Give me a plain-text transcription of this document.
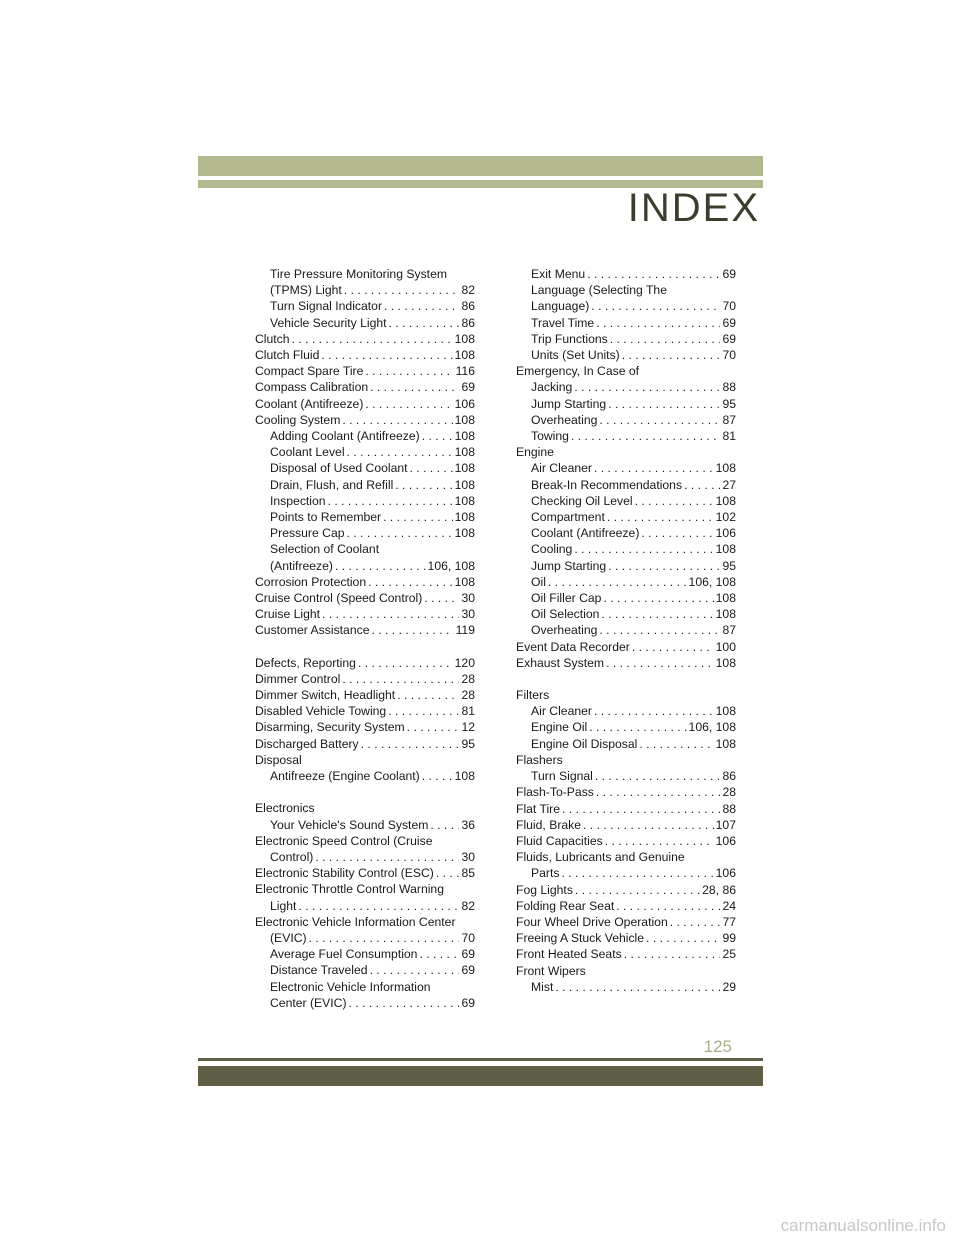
INDEX
Tire Pressure Monitoring System
(TPMS) Light . . .	82
Turn Signal Indicator . . .	86
Vehicle Security Light . . .	86
Clutch . . .	108
Clutch Fluid . . .	108
Compact Spare Tire . . .	116
Compass Calibration . . .	69
Coolant (Antifreeze) . . .	106
Cooling System . . .	108
Adding Coolant (Antifreeze) . . .	108
Coolant Level . . .	108
Disposal of Used Coolant . . .	108
Drain, Flush, and Refill . . .	108
Inspection . . .	108
Points to Remember . . .	108
Pressure Cap . . .	108
Selection of Coolant
(Antifreeze) . . .	106, 108
Corrosion Protection . . .	108
Cruise Control (Speed Control) . . .	30
Cruise Light . . .	30
Customer Assistance . . .	119
Defects, Reporting . . .	120
Dimmer Control . . .	28
Dimmer Switch, Headlight . . .	28
Disabled Vehicle Towing . . .	81
Disarming, Security System . . .	12
Discharged Battery . . .	95
Disposal
Antifreeze (Engine Coolant) . . .	108
Electronics
Your Vehicle's Sound System . . .	36
Electronic Speed Control (Cruise
Control) . . .	30
Electronic Stability Control (ESC) . . . 85
Electronic Throttle Control Warning
Light . . .	82
Electronic Vehicle Information Center
(EVIC) . . .	70
Average Fuel Consumption . . .	69
Distance Traveled . . .	69
Electronic Vehicle Information
Center (EVIC) . . .	69
Exit Menu . . .	69
Language (Selecting The
Language) . . .	70
Travel Time . . .	69
Trip Functions . . .	69
Units (Set Units) . . .	70
Emergency, In Case of
Jacking . . .	88
Jump Starting . . .	95
Overheating . . .	87
Towing . . .	81
Engine
Air Cleaner . . .	108
Break-In Recommendations . . .	27
Checking Oil Level . . .	108
Compartment . . .	102
Coolant (Antifreeze) . . .	106
Cooling . . .	108
Jump Starting . . .	95
Oil . . .	106, 108
Oil Filler Cap . . .	108
Oil Selection . . .	108
Overheating . . .	87
Event Data Recorder . . .	100
Exhaust System . . .	108
Filters
Air Cleaner . . .	108
Engine Oil . . .	106, 108
Engine Oil Disposal . . .	108
Flashers
Turn Signal . . .	86
Flash-To-Pass . . .	28
Flat Tire . . .	88
Fluid, Brake . . .	107
Fluid Capacities . . .	106
Fluids, Lubricants and Genuine
Parts . . .	106
Fog Lights . . .	28, 86
Folding Rear Seat . . .	24
Four Wheel Drive Operation . . .	77
Freeing A Stuck Vehicle . . .	99
Front Heated Seats . . .	25
Front Wipers
Mist . . .	29
125
carmanualsonline.info
